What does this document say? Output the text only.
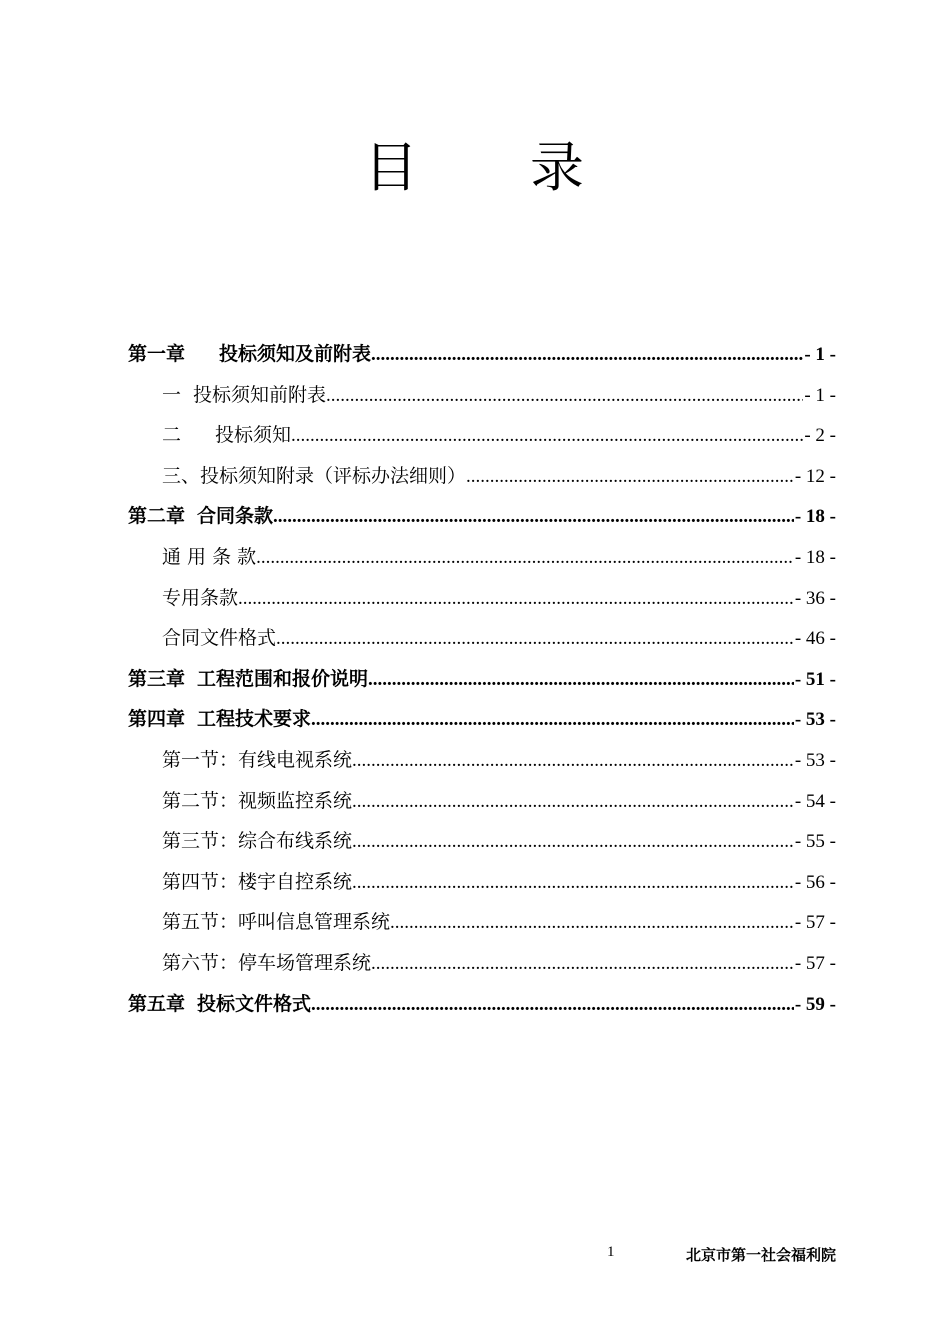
目 录
第一章 投标须知及前附表 .....	- 1 -
一 投标须知前附表 .....	- 1 -
二 投标须知 .....	- 2 -
三、投标须知附录（评标办法细则） .....	- 12 -
第二章 合同条款 .....	- 18 -
通 用 条 款 .....	- 18 -
专用条款 .....	- 36 -
合同文件格式 .....	- 46 -
第三章 工程范围和报价说明 .....	- 51 -
第四章 工程技术要求 .....	- 53 -
第一节：有线电视系统 .....	- 53 -
第二节：视频监控系统 .....	- 54 -
第三节：综合布线系统 .....	- 55 -
第四节：楼宇自控系统 .....	- 56 -
第五节：呼叫信息管理系统 .....	- 57 -
第六节：停车场管理系统 .....	- 57 -
第五章 投标文件格式 .....	- 59 -
1	北京市第一社会福利院
